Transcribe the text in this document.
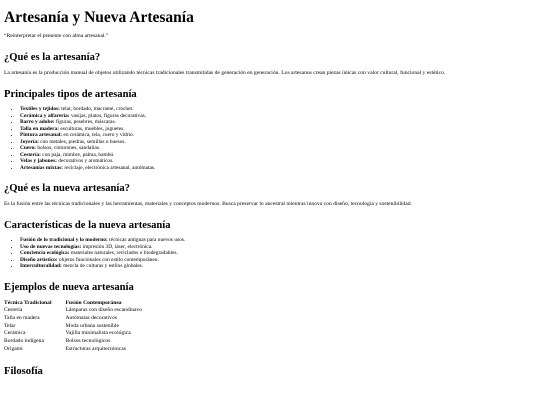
Artesanía y Nueva Artesanía

“Reinterpretar el presente con alma artesanal.”

¿Qué es la artesanía?

La artesanía es la producción manual de objetos utilizando técnicas tradicionales transmitidas de generación en generación. Los artesanos crean piezas únicas con valor cultural, funcional y estético.

Principales tipos de artesanía
• Textiles y tejidos: telar, bordado, macramé, crochet.
• Cerámica y alfarería: vasijas, platos, figuras decorativas.
• Barro y adobe: figuras, pesebres, máscaras.
• Talla en madera: esculturas, muebles, juguetes.
• Pintura artesanal: en cerámica, tela, cuero y vidrio.
• Joyería: con metales, piedras, semillas o huesos.
• Cuero: bolsos, cinturones, sandalias.
• Cestería: con paja, mimbre, palma, bambú.
• Velas y jabones: decorativos y aromáticos.
• Artesanías mixtas: reciclaje, electrónica artesanal, autómatas.
¿Qué es la nueva artesanía?

Es la fusión entre las técnicas tradicionales y las herramientas, materiales y conceptos modernos. Busca preservar lo ancestral mientras innova con diseño, tecnología y sostenibilidad.

Características de la nueva artesanía
• Fusión de lo tradicional y lo moderno: técnicas antiguas para nuevos usos.
• Uso de nuevas tecnologías: impresión 3D, láser, electrónica.
• Conciencia ecológica: materiales naturales, reciclados o biodegradables.
• Diseño artístico: objetos funcionales con estilo contemporáneo.
• Interculturalidad: mezcla de culturas y estilos globales.
Ejemplos de nueva artesanía
Técnica Tradicional	Fusión Contemporánea
Cestería	Lámparas con diseño escandinavo
Talla en madera	Autómatas decorativos
Telar	Moda urbana sostenible
Cerámica	Vajilla minimalista ecológica
Bordado indígena	Bolsos tecnológicos
Origami	Estructuras arquitectónicas
Filosofía
